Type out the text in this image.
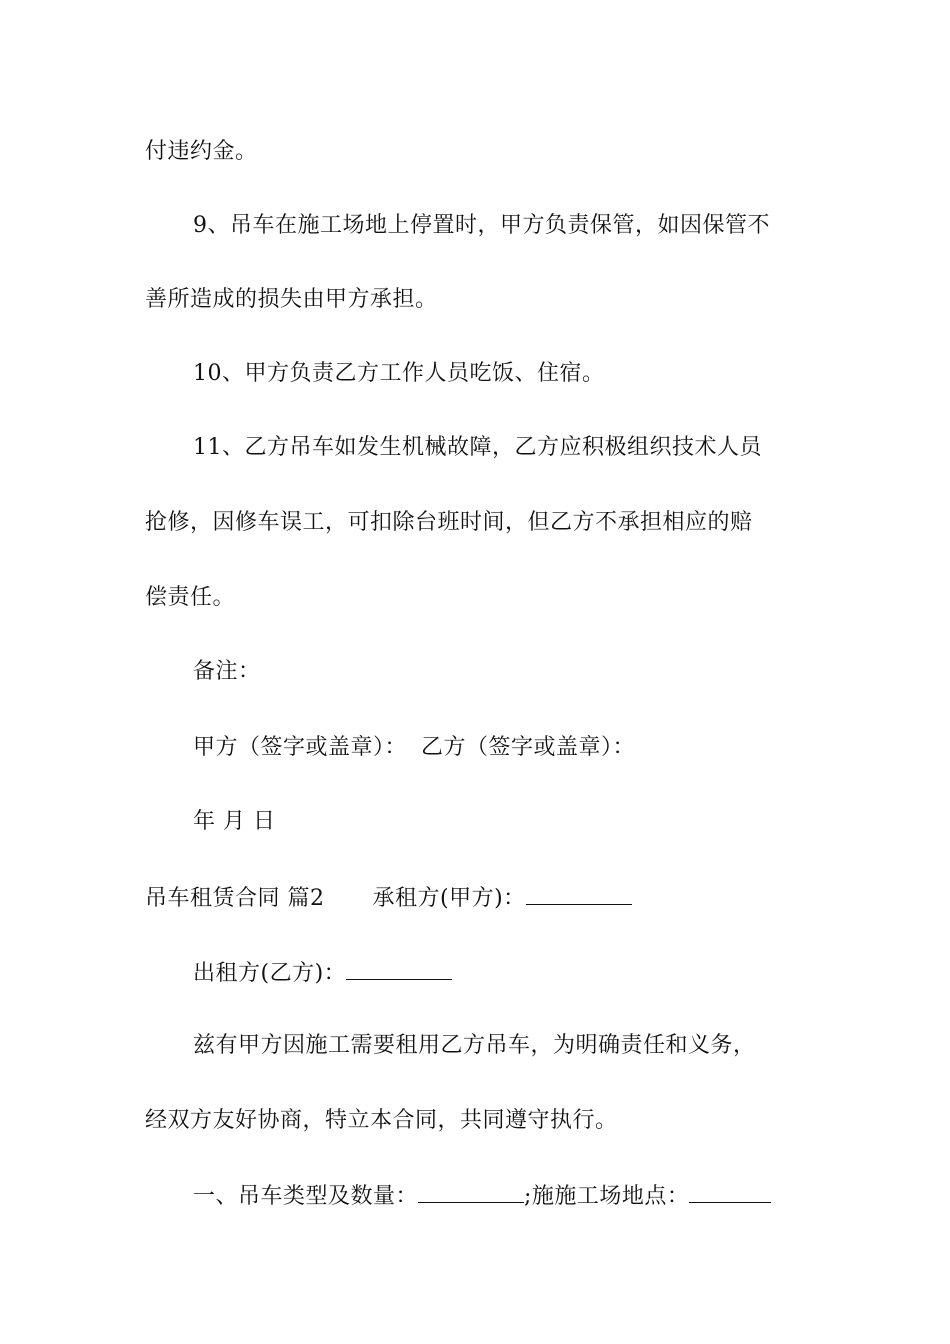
付违约金。
9、吊车在施工场地上停置时，甲方负责保管，如因保管不
善所造成的损失由甲方承担。
10、甲方负责乙方工作人员吃饭、住宿。
11、乙方吊车如发生机械故障，乙方应积极组织技术人员
抢修，因修车误工，可扣除台班时间，但乙方不承担相应的赔
偿责任。
备注：
甲方（签字或盖章）： 乙方（签字或盖章）：
年 月 日
吊车租赁合同 篇2 承租方(甲方)：
出租方(乙方)：
兹有甲方因施工需要租用乙方吊车，为明确责任和义务，
经双方友好协商，特立本合同，共同遵守执行。
一、吊车类型及数量：	;施施工场地点：
